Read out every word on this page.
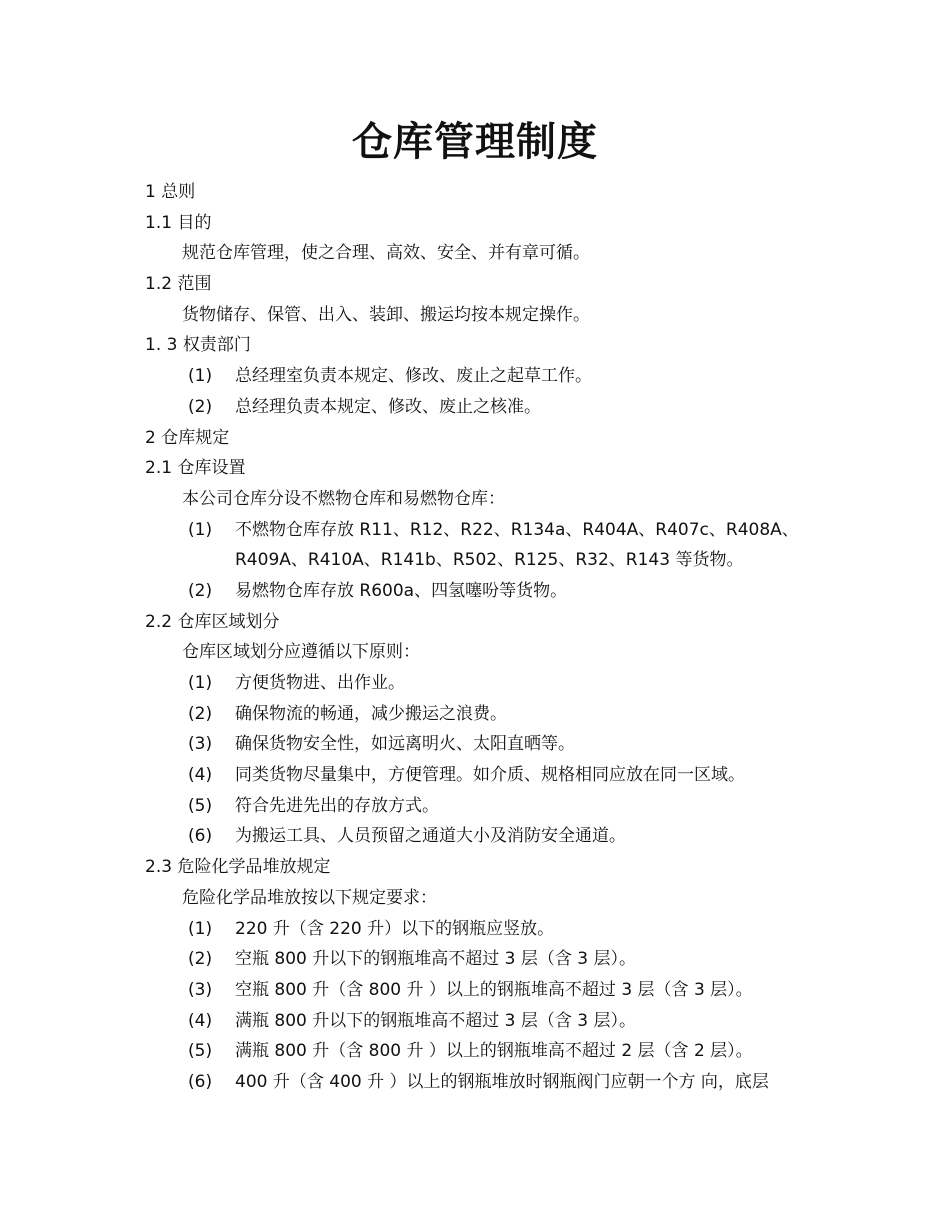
仓库管理制度
1 总则
1.1 目的
规范仓库管理，使之合理、高效、安全、并有章可循。
1.2 范围
货物储存、保管、出入、装卸、搬运均按本规定操作。
1. 3 权责部门
(1) 总经理室负责本规定、修改、废止之起草工作。
(2) 总经理负责本规定、修改、废止之核准。
2 仓库规定
2.1 仓库设置
本公司仓库分设不燃物仓库和易燃物仓库：
(1) 不燃物仓库存放 R11、R12、R22、R134a、R404A、R407c、R408A、
R409A、R410A、R141b、R502、R125、R32、R143 等货物。
(2) 易燃物仓库存放 R600a、四氢噻吩等货物。
2.2 仓库区域划分
仓库区域划分应遵循以下原则：
(1) 方便货物进、出作业。
(2) 确保物流的畅通，减少搬运之浪费。
(3) 确保货物安全性，如远离明火、太阳直晒等。
(4) 同类货物尽量集中，方便管理。如介质、规格相同应放在同一区域。
(5) 符合先进先出的存放方式。
(6) 为搬运工具、人员预留之通道大小及消防安全通道。
2.3 危险化学品堆放规定
危险化学品堆放按以下规定要求：
(1) 220 升（含 220 升）以下的钢瓶应竖放。
(2) 空瓶 800 升以下的钢瓶堆高不超过 3 层（含 3 层）。
(3) 空瓶 800 升（含 800 升 ）以上的钢瓶堆高不超过 3 层（含 3 层）。
(4) 满瓶 800 升以下的钢瓶堆高不超过 3 层（含 3 层）。
(5) 满瓶 800 升（含 800 升 ）以上的钢瓶堆高不超过 2 层（含 2 层）。
(6) 400 升（含 400 升 ）以上的钢瓶堆放时钢瓶阀门应朝一个方 向，底层
